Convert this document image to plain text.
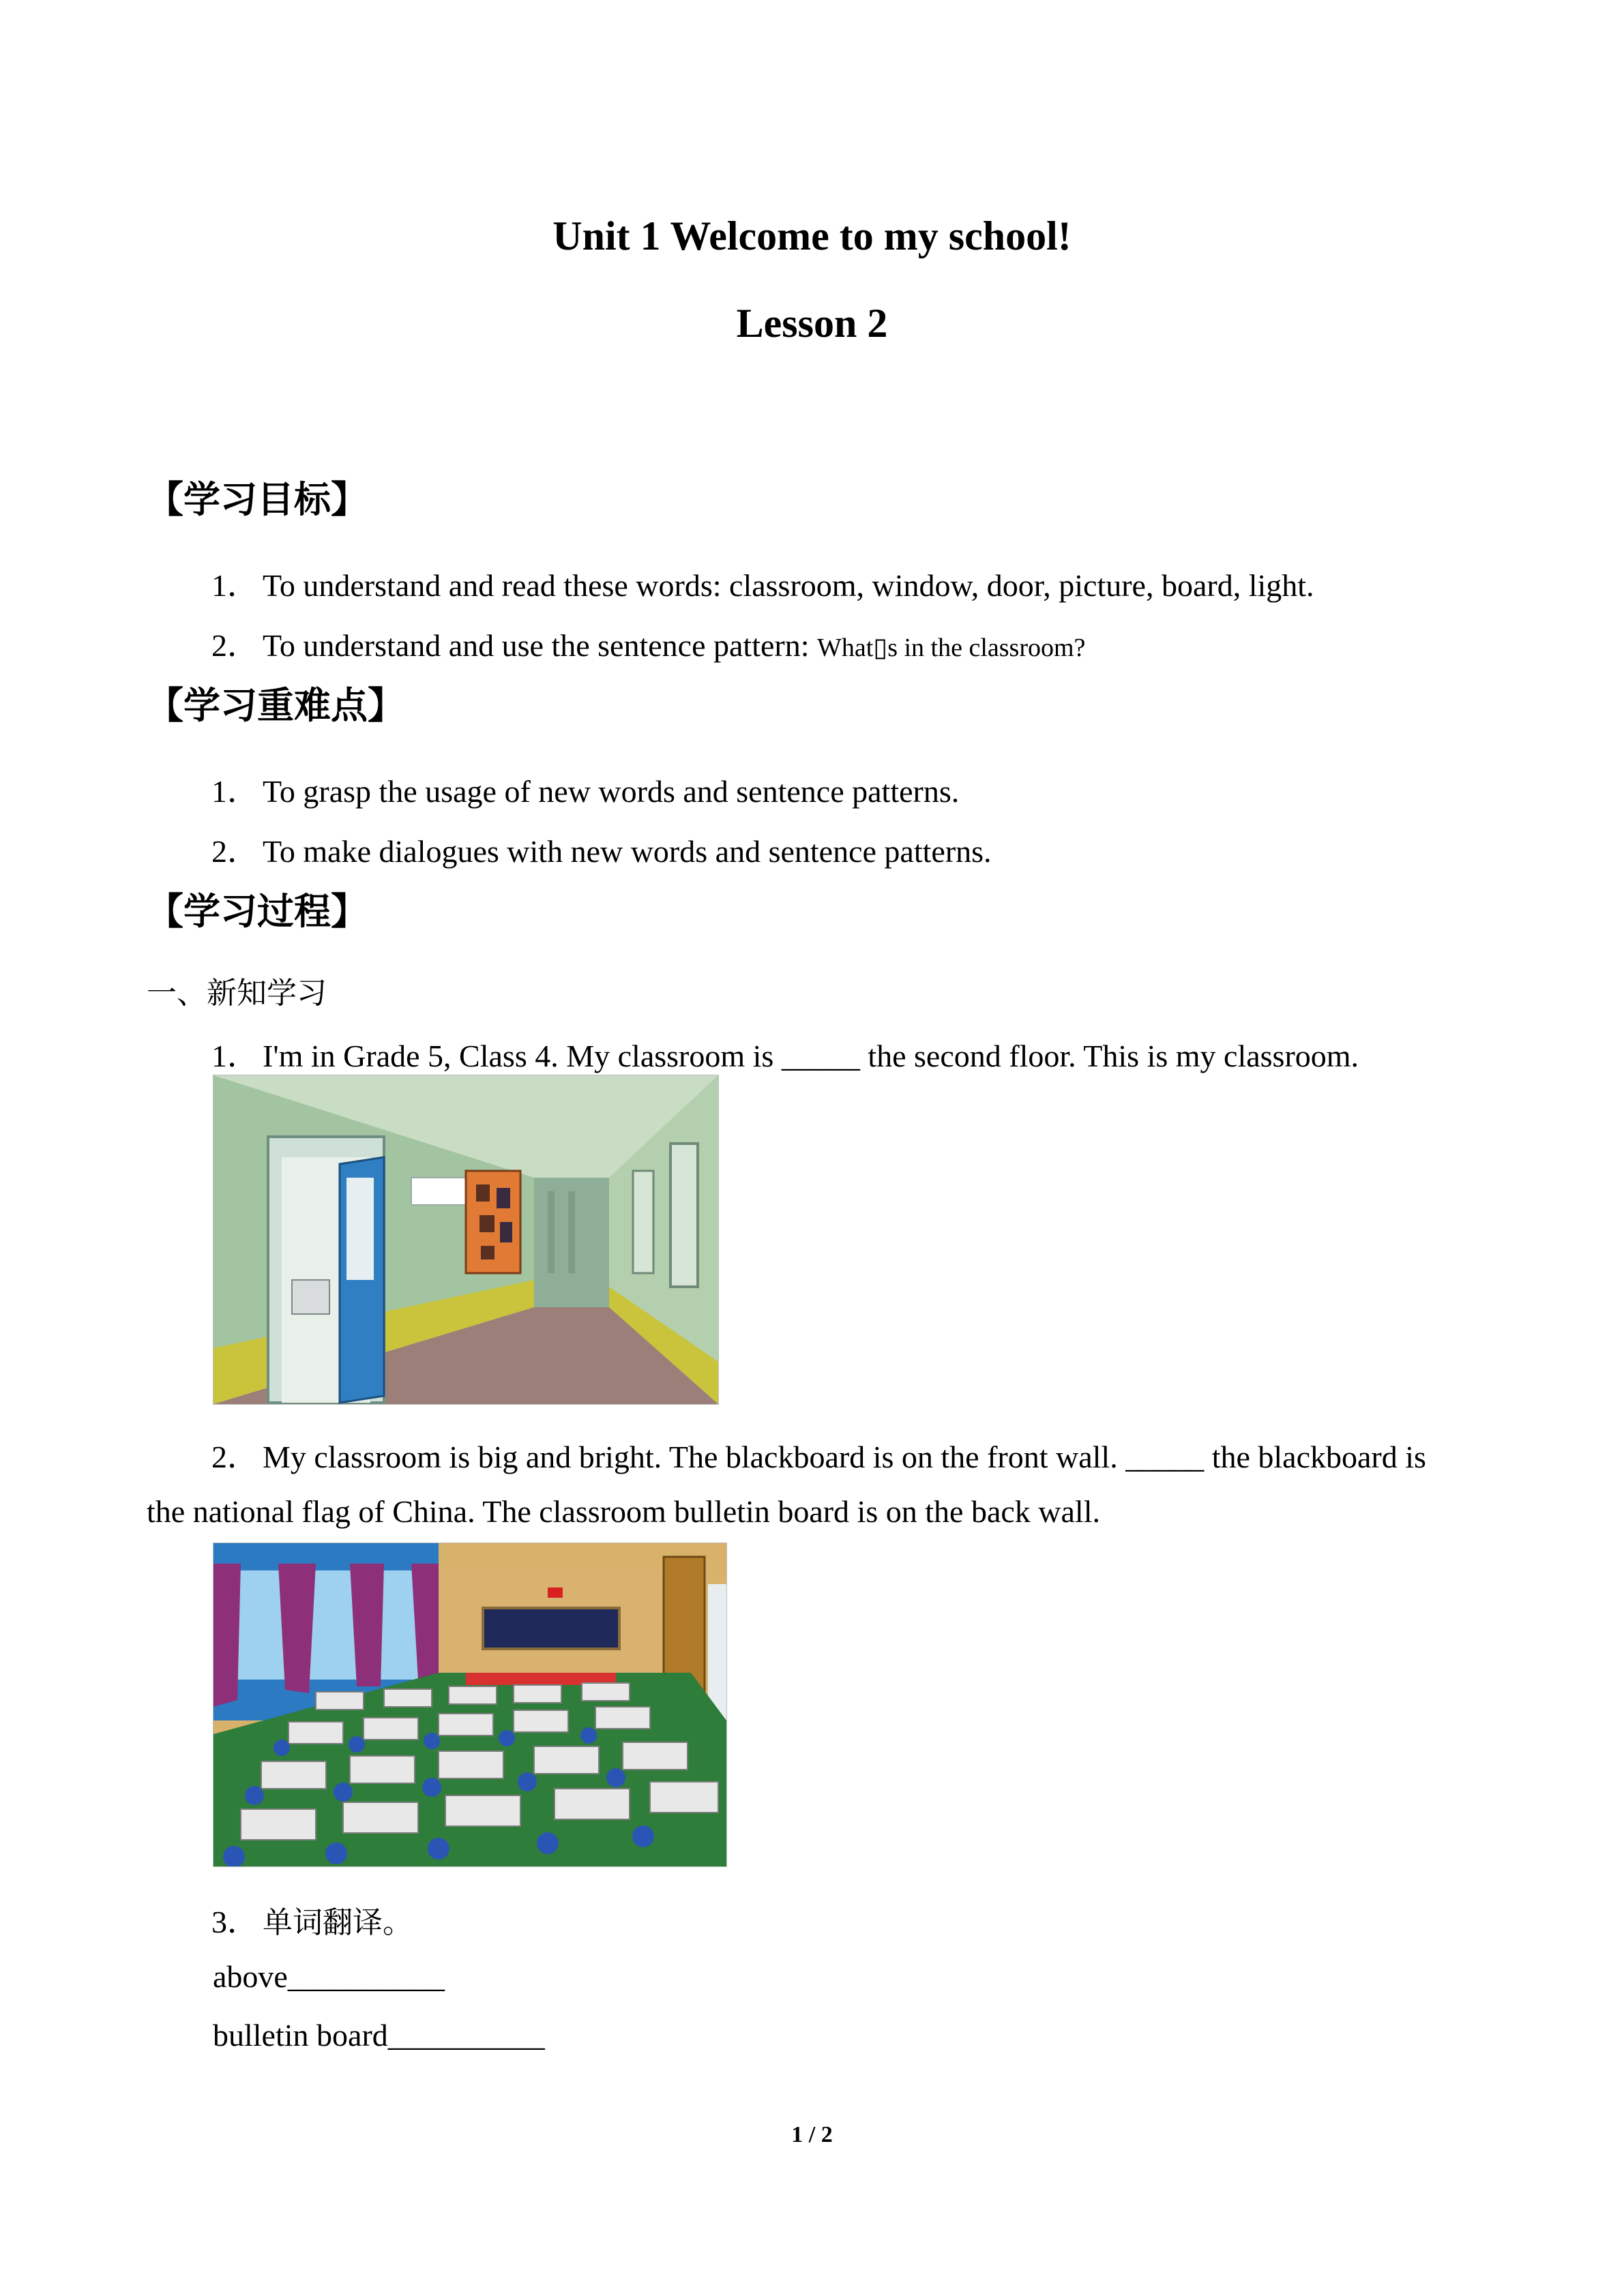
Unit 1 Welcome to my school!
Lesson 2
【学习目标】
1． To understand and read these words: classroom, window, door, picture, board, light.
2． To understand and use the sentence pattern: What▯s in the classroom?
【学习重难点】
1． To grasp the usage of new words and sentence patterns.
2． To make dialogues with new words and sentence patterns.
【学习过程】
一、新知学习
1． I'm in Grade 5, Class 4. My classroom is _____ the second floor. This is my classroom.
2． My classroom is big and bright. The blackboard is on the front wall. _____ the blackboard is
the national flag of China. The classroom bulletin board is on the back wall.
3． 单词翻译。
above__________
bulletin board__________
1 / 2
